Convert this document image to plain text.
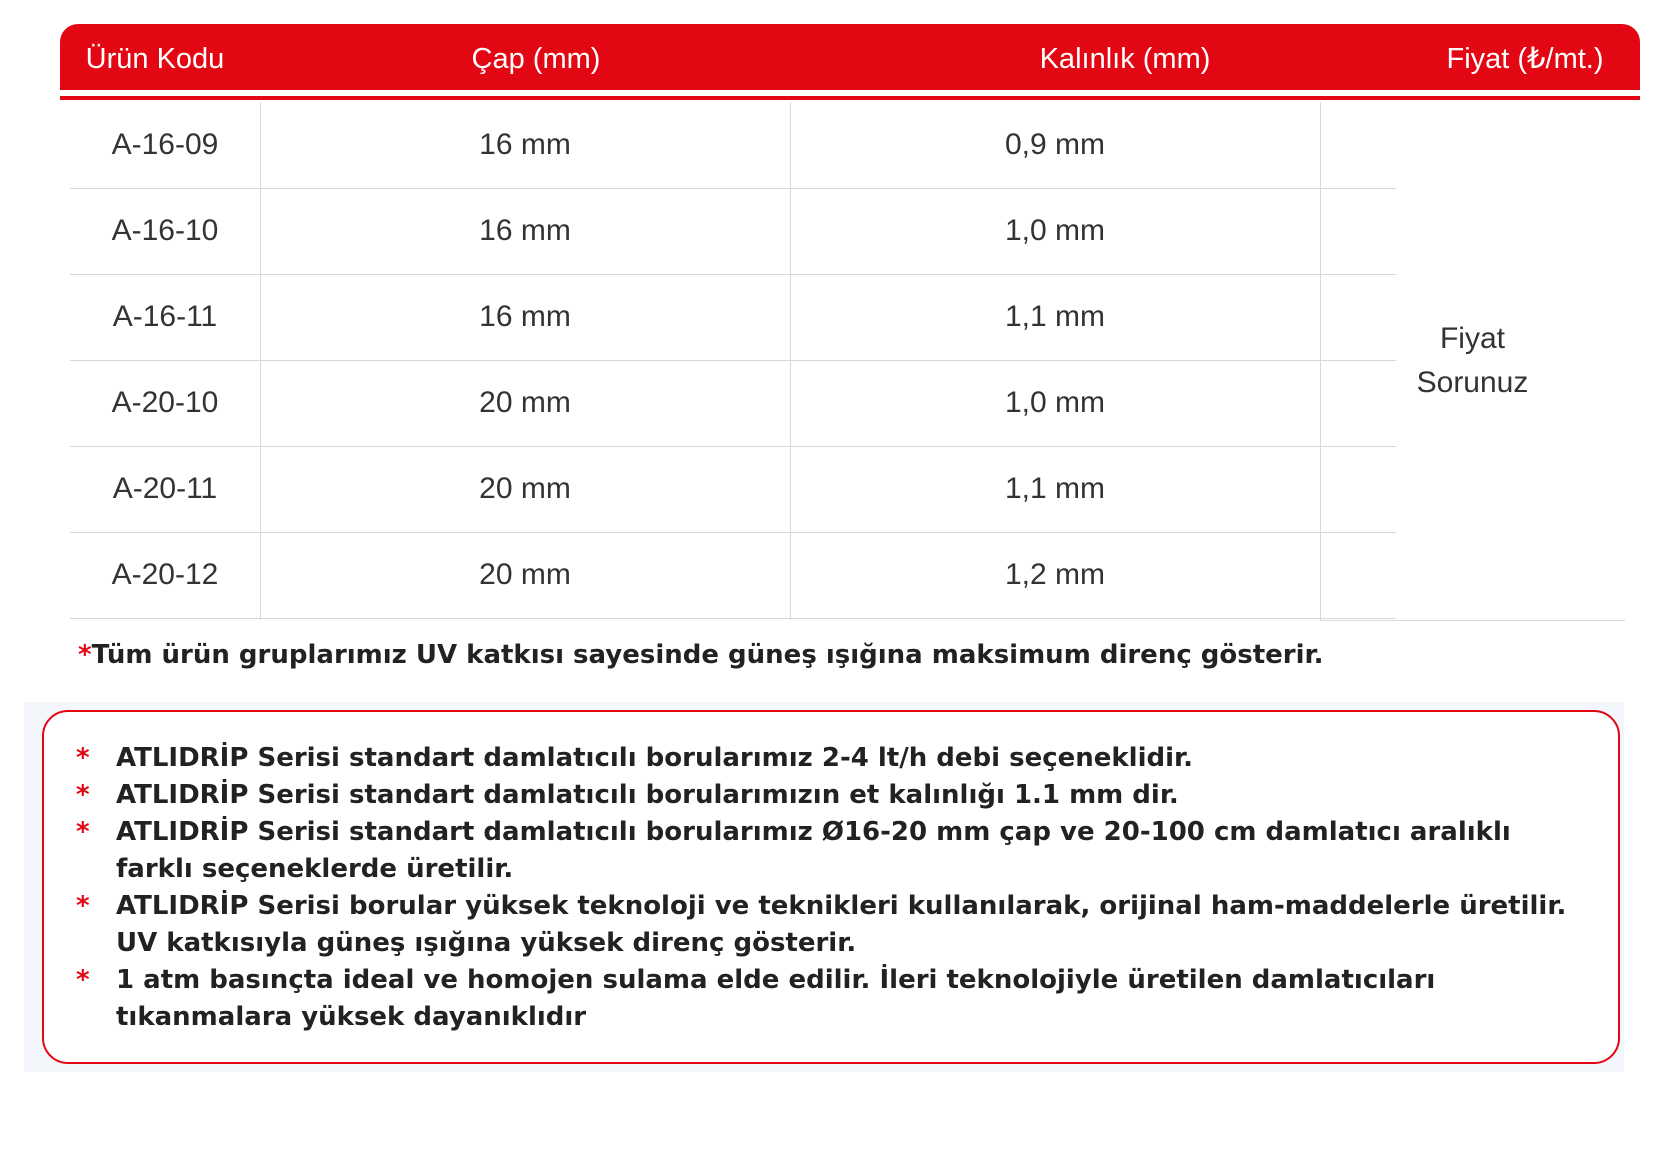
Ürün Kodu	Çap (mm)	Kalınlık (mm)	Fiyat (₺/mt.)
A-16-09	16 mm	0,9 mm
A-16-10	16 mm	1,0 mm
A-16-11	16 mm	1,1 mm
A-20-10	20 mm	1,0 mm
A-20-11	20 mm	1,1 mm
A-20-12	20 mm	1,2 mm
Fiyat
Sorunuz
*Tüm ürün gruplarımız UV katkısı sayesinde güneş ışığına maksimum direnç gösterir.
* ATLIDRİP Serisi standart damlatıcılı borularımız 2-4 lt/h debi seçeneklidir.
* ATLIDRİP Serisi standart damlatıcılı borularımızın et kalınlığı 1.1 mm dir.
* ATLIDRİP Serisi standart damlatıcılı borularımız Ø16-20 mm çap ve 20-100 cm damlatıcı aralıklı farklı seçeneklerde üretilir.
* ATLIDRİP Serisi borular yüksek teknoloji ve teknikleri kullanılarak, orijinal ham-maddelerle üretilir. UV katkısıyla güneş ışığına yüksek direnç gösterir.
* 1 atm basınçta ideal ve homojen sulama elde edilir. İleri teknolojiyle üretilen damlatıcıları tıkanmalara yüksek dayanıklıdır
